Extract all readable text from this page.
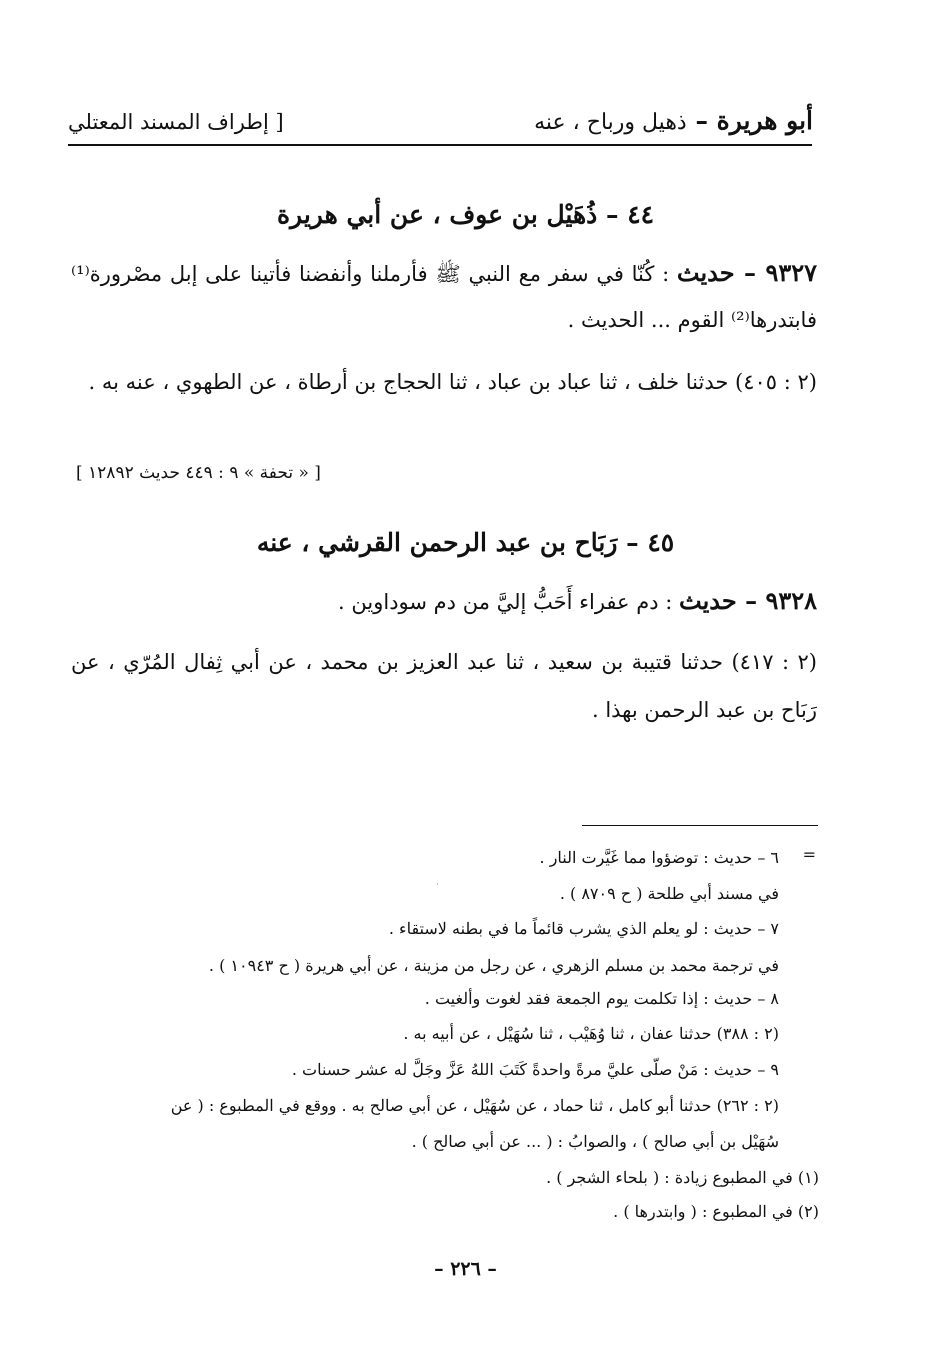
أبو هريرة – ذهيل ورباح ، عنه
[ إطراف المسند المعتلي
٤٤ – ذُهَيْل بن عوف ، عن أبي هريرة
٩٣٢٧ – حديث : كُنّا في سفر مع النبي ﷺ فأرملنا وأنفضنا فأتينا على إبل مصْرورة⁽¹⁾ فابتدرها⁽²⁾ القوم ... الحديث .
(٢ : ٤٠٥) حدثنا خلف ، ثنا عباد بن عباد ، ثنا الحجاج بن أرطاة ، عن الطهوي ، عنه به .
[ « تحفة » ٩ : ٤٤٩ حديث ١٢٨٩٢ ]
٤٥ – رَبَاح بن عبد الرحمن القرشي ، عنه
٩٣٢٨ – حديث : دم عفراء أَحَبُّ إليَّ من دم سوداوين .
(٢ : ٤١٧) حدثنا قتيبة بن سعيد ، ثنا عبد العزيز بن محمد ، عن أبي ثِفال المُرّي ، عن رَبَاح بن عبد الرحمن بهذا .
=
·
٦ – حديث : توضؤوا مما غَيَّرت النار .
في مسند أبي طلحة ( ح ٨٧٠٩ ) .
٧ – حديث : لو يعلم الذي يشرب قائماً ما في بطنه لاستقاء .
في ترجمة محمد بن مسلم الزهري ، عن رجل من مزينة ، عن أبي هريرة ( ح ١٠٩٤٣ ) .
٨ – حديث : إذا تكلمت يوم الجمعة فقد لغوت وألغيت .
(٢ : ٣٨٨) حدثنا عفان ، ثنا وُهَيْب ، ثنا سُهَيْل ، عن أبيه به .
٩ – حديث : مَنْ صلّى عليَّ مرةً واحدةً كَتَبَ اللهُ عَزَّ وجَلَّ له عشر حسنات .
(٢ : ٢٦٢) حدثنا أبو كامل ، ثنا حماد ، عن سُهَيْل ، عن أبي صالح به . ووقع في المطبوع : ( عن
سُهَيْل بن أبي صالح ) ، والصوابُ : ( ... عن أبي صالح ) .
(١) في المطبوع زيادة : ( بلحاء الشجر ) .
(٢) في المطبوع : ( وابتدرها ) .
– ٢٢٦ –
